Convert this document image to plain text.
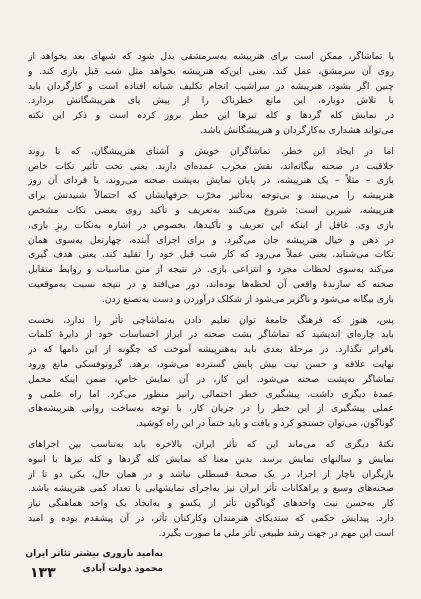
یا تماشاگر، ممکن است برای هنرپیشه به‌سرمشقی بدل شود که شبهای بعد بخواهد از
روی آن سرمشق، عمل کند. یعنی این‌که هنرپیشه بخواهد مثل شب قبل بازی کند. و
چنین اگر بشود، هنرپیشه در سراشیب انجام تکلیف شبانه افتاده است و کارگردان باید
با تلاش دوباره، این مانع خطرناک را از پیش پای هنرپیشگانش بردارد.
در نمایش کله گردها و کله تیزها این خطر بروز کرده است و ذکر این نکته
می‌تواند هشداری به‌کارگردان و هنرپیشگانش باشد.
اما در ایجاد این خطر، تماشاگران خویش و آشنای هنرپیشگان، که با روند
خلاقیت در صحنه بیگانه‌اند، نقش مخرب عمده‌ای دارند. یعنی تحت تأثیر نکات خاص
بازی – مثلاً – یک هنرپیشه، در پایان نمایش به‌پشت صحنه می‌روند، یا فردای آن روز
هنرپیشه را می‌بینند و بی‌توجه به‌تأثیر مخرّب حرفهایشان که احتمالاً شنیدنش برای
هنرپیشه، شیرین است: شروع می‌کنند به‌تعریف و تأکید روی بعضی نکات مشخص
بازی وی. غافل از اینکه این تعریف و تأکیدها، بخصوص در اشاره به‌نکات ریزِ بازی،
در ذهن و خیال هنرپیشه جان می‌گیرد. و برای اجرای آینده، چهارنعل به‌سوی همان
نکات می‌شتابد. یعنی عملاً می‌رود که کار شب قبل خود را تقلید کند. یعنی هدف گیری
می‌کند به‌سوی لحظات مجرد و انتزاعی بازی. در نتیجه از متن مناسبات و روابط متقابل
صحنه که سازندهٔ واقعی آن لحظه‌ها بوده‌اند، دور می‌افتد و در نتیجه نسبت به‌موقعیت
بازی بیگانه می‌شود و ناگزیر می‌شود از شکلک درآوردن و دست به‌تصنع زدن.
پس، هنوز که فرهنگ جامعهٔ توان تعلیم دادن به‌تماشاچی تأثر را ندارد، نخست
باید چاره‌ای اندیشید که تماشاگر بشت صحنه در ابراز احساسات خود از دایرهٔ کلمات
بافراتر نگذارد. در مرحلهٔ بعدی باید به‌هنرپیشه آموخت که چگونه از این دامها که در
نهایت علاقه و حسن نیت بیش پایش گسترده می‌شود، برهد. گروتوفسکی مانع ورود
تماشاگر به‌پشت صحنه می‌شود. این کار، در آن نمایش خاص، ضمن اینکه محمل
عمدهٔ دیگری داشت، پیشگیری خطر احتمالی رانیز منظور می‌کرد. اما راه علمی و
عملی پیشگیری از این خطر را در جریان کار، با توجه به‌ساخت روانی هنرپیشه‌های
گوناگون، می‌توان جستجو کرد و یافت و باید حتماً در این راه کوشید.
نکتهٔ دیگری که می‌ماند این که تأثر ایران، بالاخره باید به‌تناسب بین اجراهای
نمایش و سالنهای نمایش برسد. بدین معنا که نمایش کله گردها و کله تیزها با انبوه
بازیگران ناچار از اجرا، در یک صحنهٔ قسطلی نباشد و در همان حال، یکی دو تا از
صحنه‌های وسیع و پراهکانات تأثر ایران نیز به‌اجرای نمایشهایی با تعداد کمی هنرپیشه باشد.
کار به‌حسن نیت واحدهای گوناگون تأثر از یکسو و به‌ایجاد یک واحد هماهنگی نیاز
دارد. پیدایش حکمی که سندیکای هنرمندان وکارکنان تأثر، در آن پیشقدم بوده و امید
است این مهم در جهت رشد طبیعی تأثر ملی ما صورت بگیرد.
به‌امید باروری بیشتر تئاتر ایران
محمود دولت آبادی
۱۳۳
